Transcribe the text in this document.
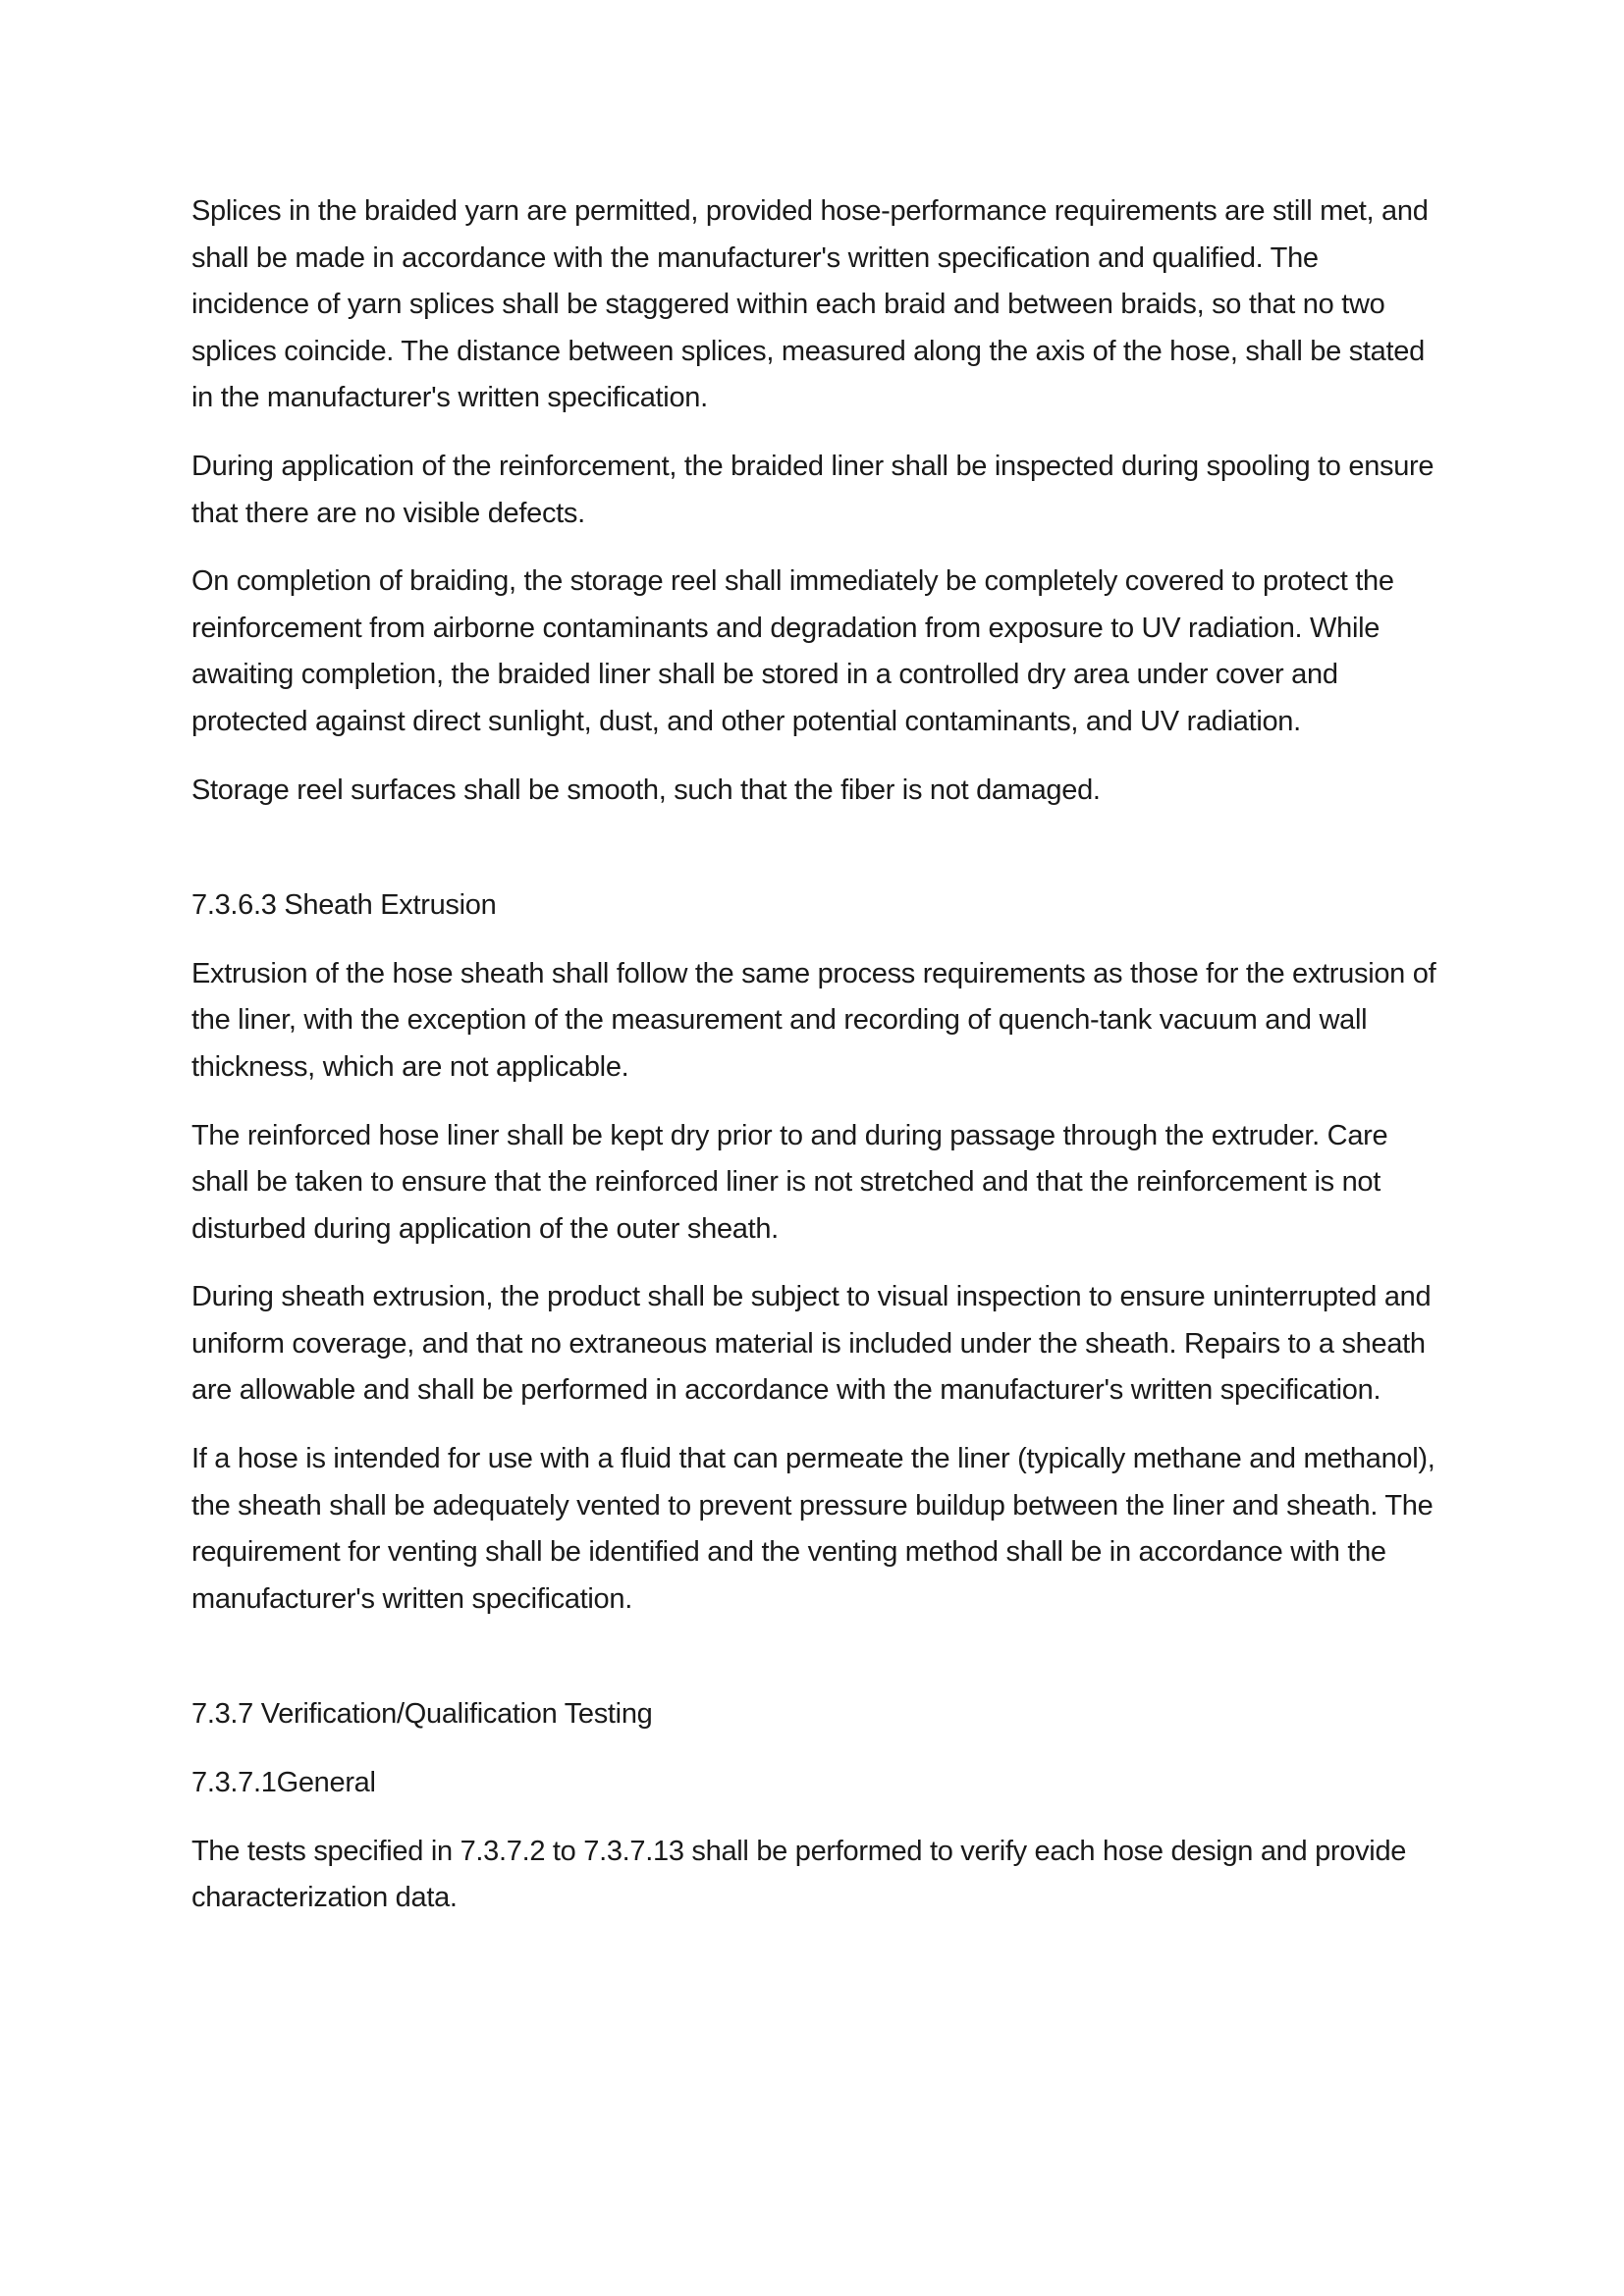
Splices in the braided yarn are permitted, provided hose-performance requirements are still met, and shall be made in accordance with the manufacturer's written specification and qualified. The incidence of yarn splices shall be staggered within each braid and between braids, so that no two splices coincide. The distance between splices, measured along the axis of the hose, shall be stated in the manufacturer's written specification.

During application of the reinforcement, the braided liner shall be inspected during spooling to ensure that there are no visible defects.

On completion of braiding, the storage reel shall immediately be completely covered to protect the reinforcement from airborne contaminants and degradation from exposure to UV radiation. While awaiting completion, the braided liner shall be stored in a controlled dry area under cover and protected against direct sunlight, dust, and other potential contaminants, and UV radiation.

Storage reel surfaces shall be smooth, such that the fiber is not damaged.

7.3.6.3 Sheath Extrusion

Extrusion of the hose sheath shall follow the same process requirements as those for the extrusion of the liner, with the exception of the measurement and recording of quench-tank vacuum and wall thickness, which are not applicable.

The reinforced hose liner shall be kept dry prior to and during passage through the extruder. Care shall be taken to ensure that the reinforced liner is not stretched and that the reinforcement is not disturbed during application of the outer sheath.

During sheath extrusion, the product shall be subject to visual inspection to ensure uninterrupted and uniform coverage, and that no extraneous material is included under the sheath. Repairs to a sheath are allowable and shall be performed in accordance with the manufacturer's written specification.

If a hose is intended for use with a fluid that can permeate the liner (typically methane and methanol), the sheath shall be adequately vented to prevent pressure buildup between the liner and sheath. The requirement for venting shall be identified and the venting method shall be in accordance with the manufacturer's written specification.

7.3.7 Verification/Qualification Testing
7.3.7.1General

The tests specified in 7.3.7.2 to 7.3.7.13 shall be performed to verify each hose design and provide characterization data.
